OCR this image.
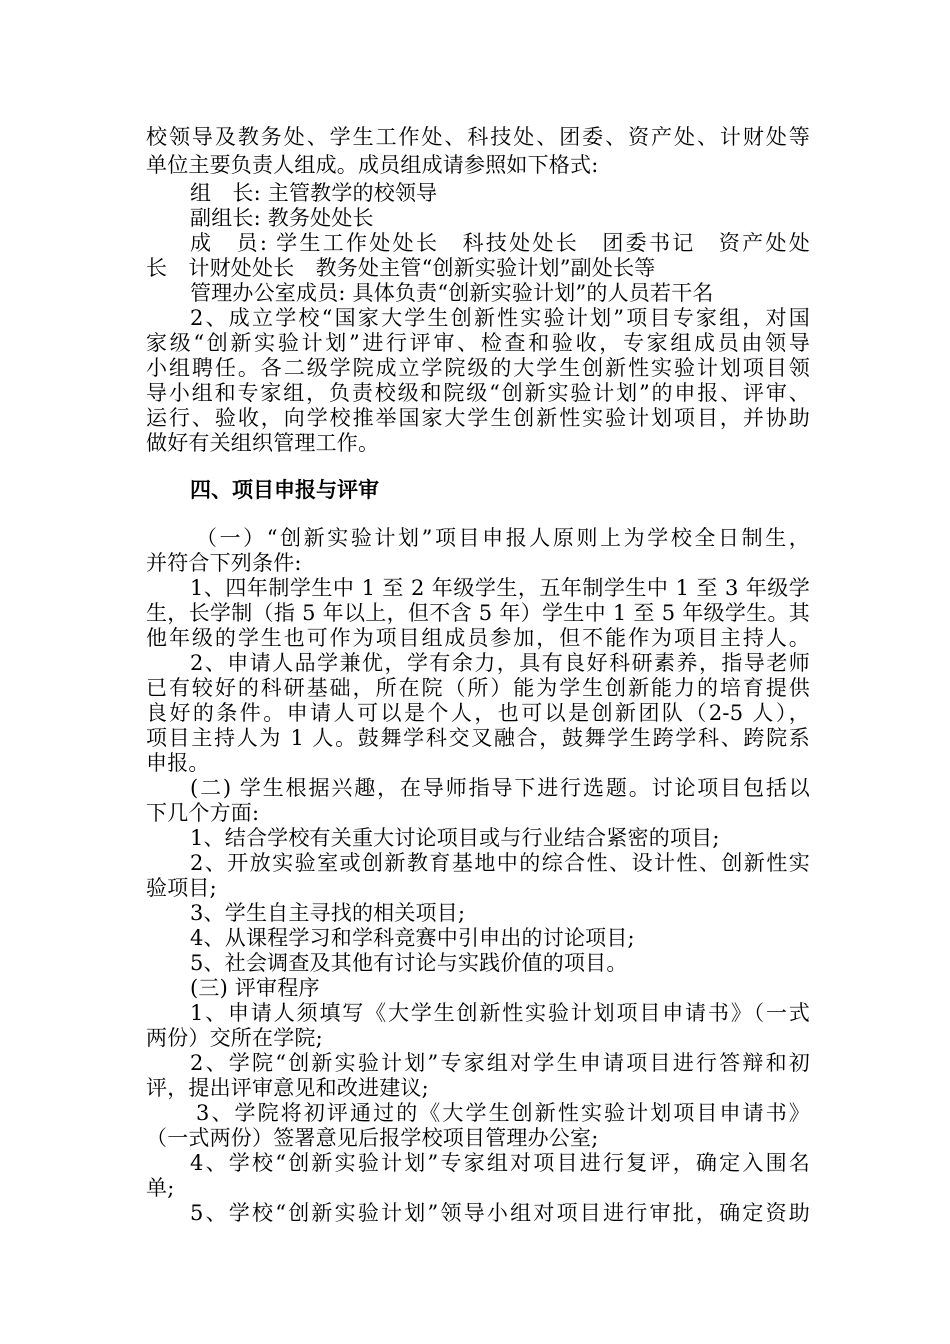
校领导及教务处、学生工作处、科技处、团委、资产处、计财处等
单位主要负责人组成。成员组成请参照如下格式:
组　长: 主管教学的校领导
副组长: 教务处处长
成　员: 学生工作处处长　科技处处长　团委书记　资产处处
长　计财处处长　教务处主管“创新实验计划”副处长等
管理办公室成员: 具体负责“创新实验计划”的人员若干名
2、成立学校“国家大学生创新性实验计划”项目专家组，对国
家级“创新实验计划”进行评审、检查和验收，专家组成员由领导
小组聘任。各二级学院成立学院级的大学生创新性实验计划项目领
导小组和专家组，负责校级和院级“创新实验计划”的申报、评审、
运行、验收，向学校推举国家大学生创新性实验计划项目，并协助
做好有关组织管理工作。
四、项目申报与评审
（一）“创新实验计划”项目申报人原则上为学校全日制生，
并符合下列条件:
1、四年制学生中 1 至 2 年级学生，五年制学生中 1 至 3 年级学
生，长学制（指 5 年以上，但不含 5 年）学生中 1 至 5 年级学生。其
他年级的学生也可作为项目组成员参加，但不能作为项目主持人。
2、申请人品学兼优，学有余力，具有良好科研素养，指导老师
已有较好的科研基础，所在院（所）能为学生创新能力的培育提供
良好的条件。申请人可以是个人，也可以是创新团队（2-5 人），
项目主持人为 1 人。鼓舞学科交叉融合，鼓舞学生跨学科、跨院系
申报。
(二) 学生根据兴趣，在导师指导下进行选题。讨论项目包括以
下几个方面:
1、结合学校有关重大讨论项目或与行业结合紧密的项目;
2、开放实验室或创新教育基地中的综合性、设计性、创新性实
验项目;
3、学生自主寻找的相关项目;
4、从课程学习和学科竞赛中引申出的讨论项目;
5、社会调查及其他有讨论与实践价值的项目。
(三) 评审程序
1、申请人须填写《大学生创新性实验计划项目申请书》（一式
两份）交所在学院;
2、学院“创新实验计划”专家组对学生申请项目进行答辩和初
评，提出评审意见和改进建议;
3、学院将初评通过的《大学生创新性实验计划项目申请书》
（一式两份）签署意见后报学校项目管理办公室;
4、学校“创新实验计划”专家组对项目进行复评，确定入围名
单;
5、学校“创新实验计划”领导小组对项目进行审批，确定资助
